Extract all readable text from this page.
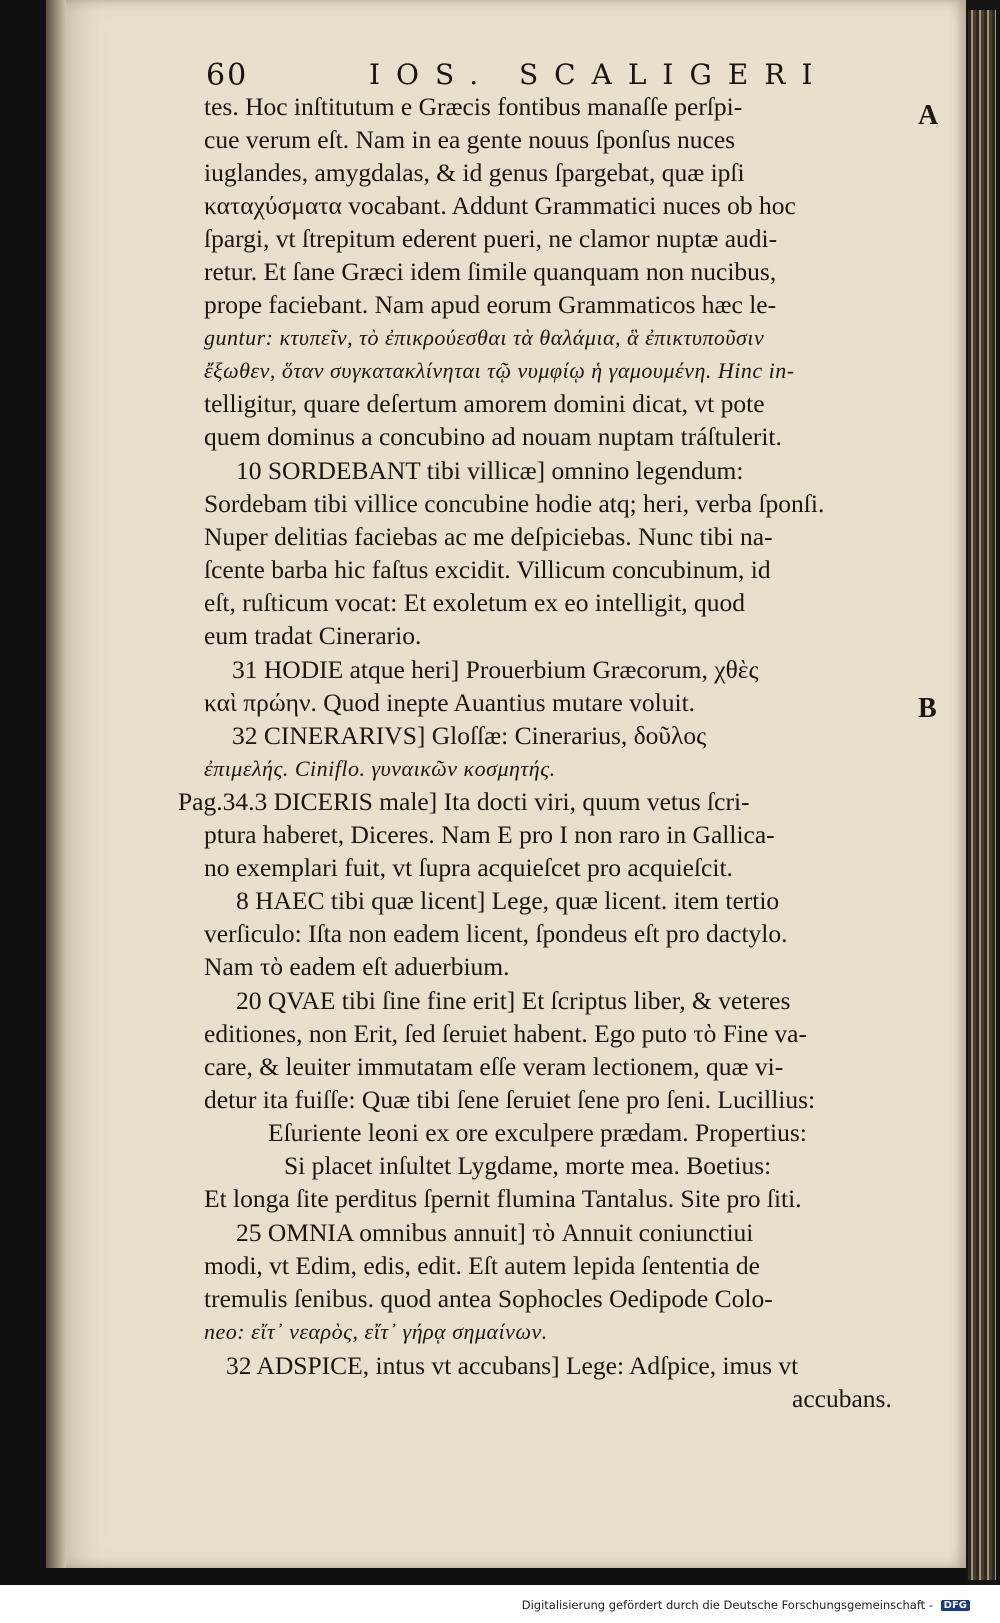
60	IOS. SCALIGERI
A
B
tes. Hoc inſtitutum e Græcis fontibus manaſſe perſpi-
cue verum eſt. Nam in ea gente nouus ſponſus nuces
iuglandes, amygdalas, & id genus ſpargebat, quæ ipſi
καταχύσματα vocabant. Addunt Grammatici nuces ob hoc
ſpargi, vt ſtrepitum ederent pueri, ne clamor nuptæ audi-
retur. Et ſane Græci idem ſimile quanquam non nucibus,
prope faciebant. Nam apud eorum Grammaticos hæc le-
guntur: κτυπεῖν, τὸ ἐπικρούεσθαι τὰ θαλάμια, ἃ ἐπικτυποῦσιν
ἔξωθεν, ὅταν συγκατακλίνηται τῷ νυμφίῳ ἡ γαμουμένη. Hinc in-
telligitur, quare deſertum amorem domini dicat, vt pote
quem dominus a concubino ad nouam nuptam tráſtulerit.
10 SORDEBANT tibi villicæ] omnino legendum:
Sordebam tibi villice concubine hodie atq; heri, verba ſponſi.
Nuper delitias faciebas ac me deſpiciebas. Nunc tibi na-
ſcente barba hic faſtus excidit. Villicum concubinum, id
eſt, ruſticum vocat: Et exoletum ex eo intelligit, quod
eum tradat Cinerario.
31 HODIE atque heri] Prouerbium Græcorum, χθὲς
καὶ πρώην. Quod inepte Auantius mutare voluit.
32 CINERARIVS] Gloſſæ: Cinerarius, δοῦλος
ἐπιμελής. Ciniflo. γυναικῶν κοσμητής.
Pag.34.3 DICERIS male] Ita docti viri, quum vetus ſcri-
ptura haberet, Diceres. Nam E pro I non raro in Gallica-
no exemplari fuit, vt ſupra acquieſcet pro acquieſcit.
8 HAEC tibi quæ licent] Lege, quæ licent. item tertio
verſiculo: Iſta non eadem licent, ſpondeus eſt pro dactylo.
Nam τὸ eadem eſt aduerbium.
20 QVAE tibi ſine fine erit] Et ſcriptus liber, & veteres
editiones, non Erit, ſed ſeruiet habent. Ego puto τὸ Fine va-
care, & leuiter immutatam eſſe veram lectionem, quæ vi-
detur ita fuiſſe: Quæ tibi ſene ſeruiet ſene pro ſeni. Lucillius:
Eſuriente leoni ex ore exculpere prædam. Propertius:
Si placet inſultet Lygdame, morte mea. Boetius:
Et longa ſite perditus ſpernit flumina Tantalus. Site pro ſiti.
25 OMNIA omnibus annuit] τὸ Annuit coniunctiui
modi, vt Edim, edis, edit. Eſt autem lepida ſententia de
tremulis ſenibus. quod antea Sophocles Oedipode Colo-
neo: εἴτ᾽ νεαρὸς, εἴτ᾽ γήρᾳ σημαίνων.
32 ADSPICE, intus vt accubans] Lege: Adſpice, imus vt
accubans.
Digitalisierung gefördert durch die Deutsche Forschungsgemeinschaft - DFG
